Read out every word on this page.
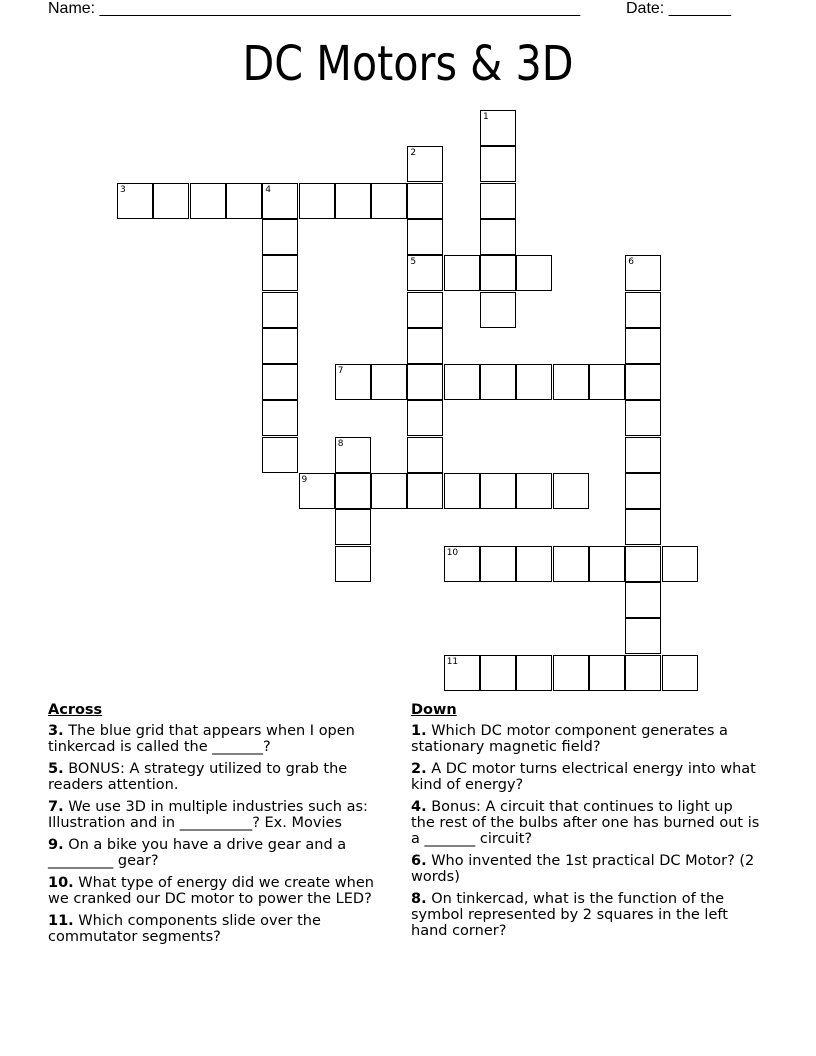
Name: ______________________________________________________	Date: _______
DC Motors & 3D
1
2
5
3	4
6
7
8
9
10
11
Across
3. The blue grid that appears when I open tinkercad is called the _______?
5. BONUS: A strategy utilized to grab the readers attention.
7. We use 3D in multiple industries such as: Illustration and in __________? Ex. Movies
9. On a bike you have a drive gear and a _________ gear?
10. What type of energy did we create when we cranked our DC motor to power the LED?
11. Which components slide over the commutator segments?
Down
1. Which DC motor component generates a stationary magnetic field?
2. A DC motor turns electrical energy into what kind of energy?
4. Bonus: A circuit that continues to light up the rest of the bulbs after one has burned out is a _______ circuit?
6. Who invented the 1st practical DC Motor? (2 words)
8. On tinkercad, what is the function of the symbol represented by 2 squares in the left hand corner?
